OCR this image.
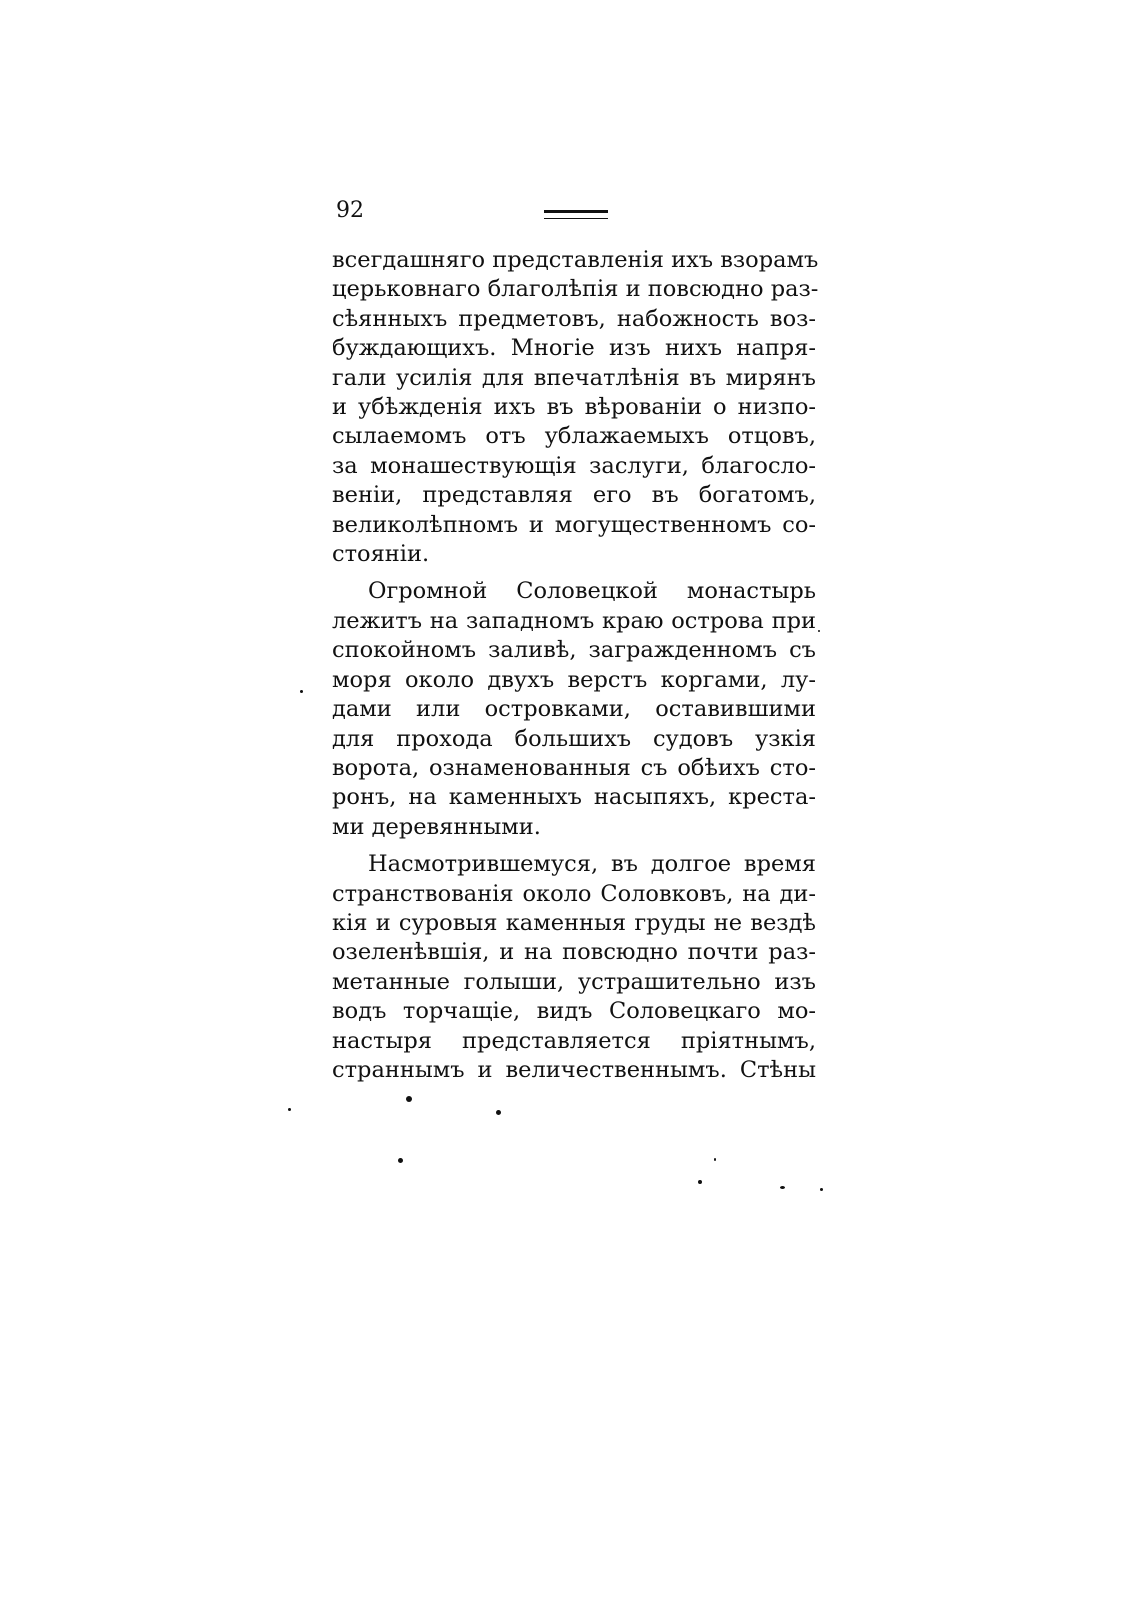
92
всегдашняго представленія ихъ взорамъ
церьковнаго благолѣпія и повсюдно раз-
сѣянныхъ предметовъ, набожность воз-
буждающихъ. Многіе изъ нихъ напря-
гали усилія для впечатлѣнія въ мирянъ
и убѣжденія ихъ въ вѣрованіи о низпо-
сылаемомъ отъ ублажаемыхъ отцовъ,
за монашествующія заслуги, благосло-
веніи, представляя его въ богатомъ,
великолѣпномъ и могущественномъ со-
стояніи.
Огромной Соловецкой монастырь
лежитъ на западномъ краю острова при
спокойномъ заливѣ, загражденномъ съ
моря около двухъ верстъ коргами, лу-
дами или островками, оставившими
для прохода большихъ судовъ узкія
ворота, ознаменованныя съ обѣихъ сто-
ронъ, на каменныхъ насыпяхъ, креста-
ми деревянными.
Насмотрившемуся, въ долгое время
странствованія около Соловковъ, на ди-
кія и суровыя каменныя груды не вездѣ
озеленѣвшія, и на повсюдно почти раз-
метанные голыши, устрашительно изъ
водъ торчащіе, видъ Соловецкаго мо-
настыря представляется пріятнымъ,
страннымъ и величественнымъ. Стѣны
